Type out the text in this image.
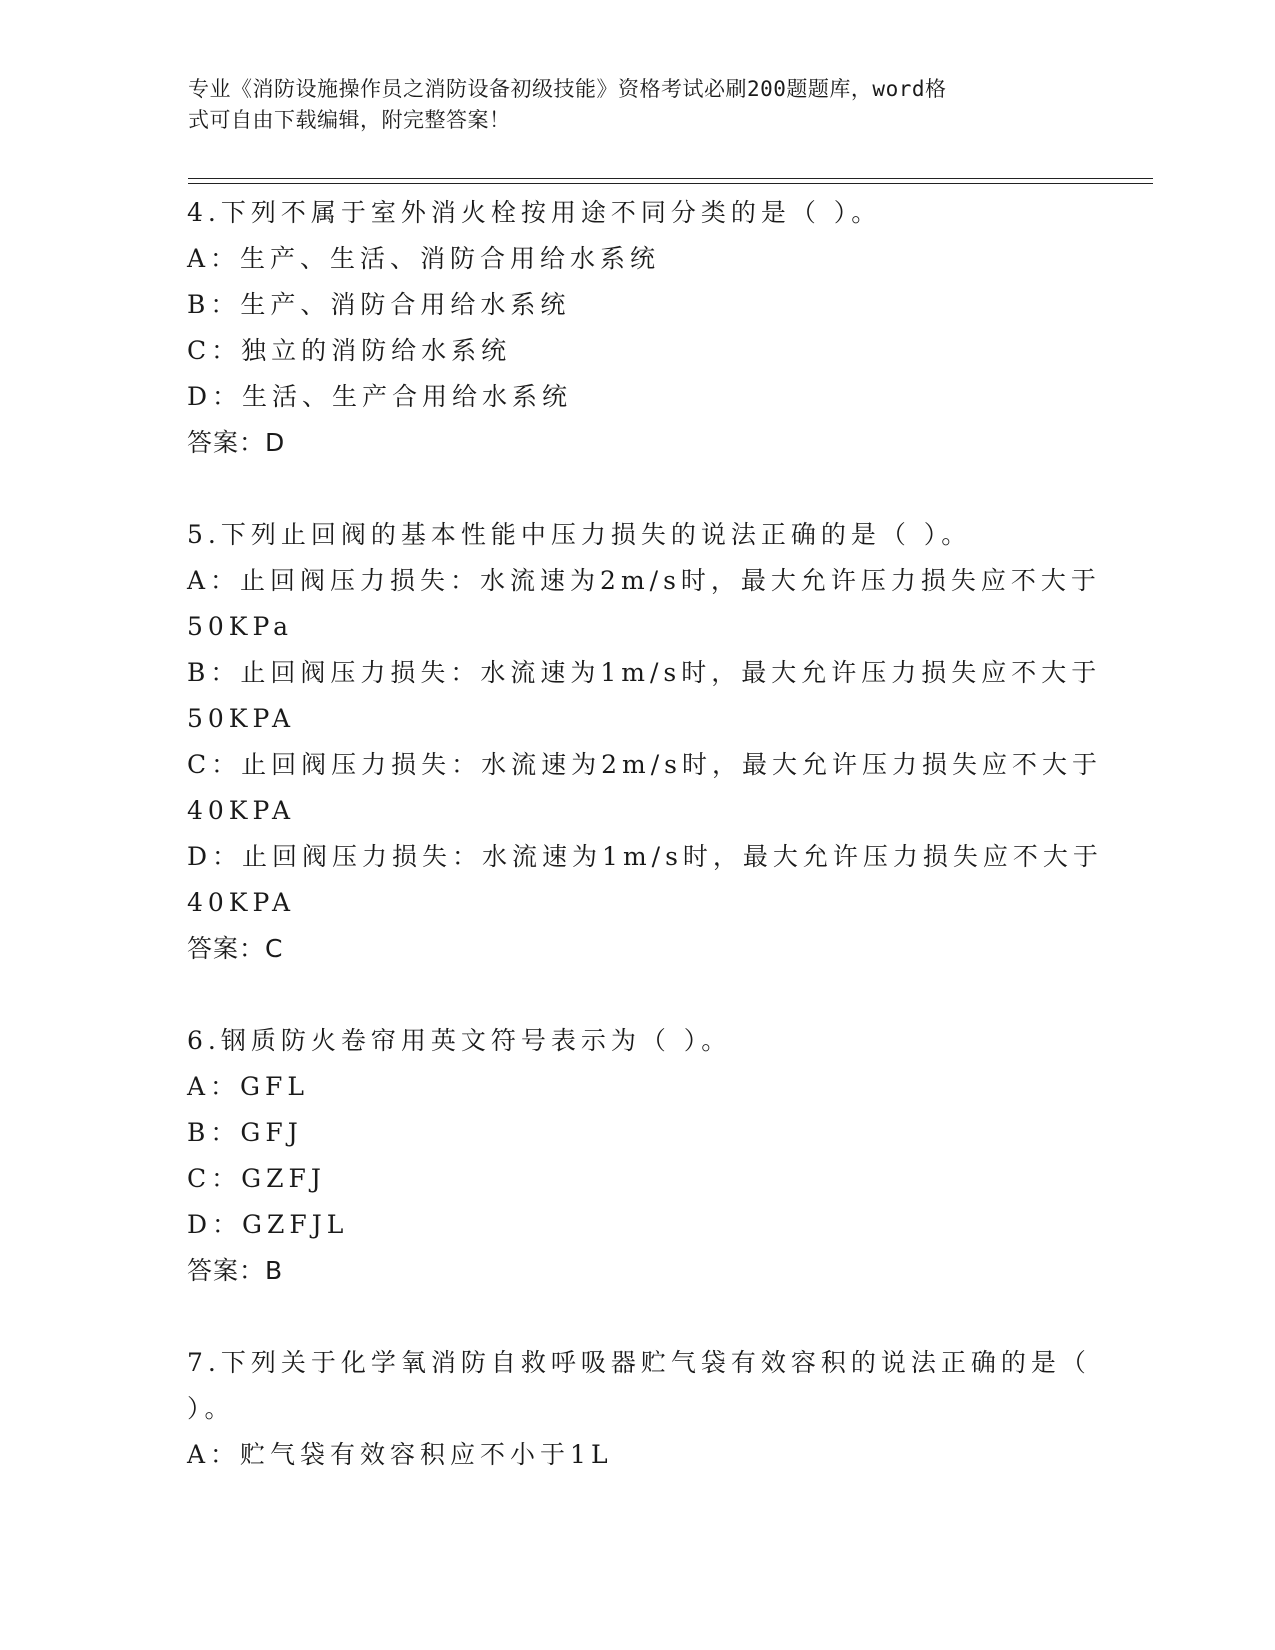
专业《消防设施操作员之消防设备初级技能》资格考试必刷200题题库，word格
式可自由下载编辑，附完整答案！
4.下列不属于室外消火栓按用途不同分类的是（ ）。
A：生产、生活、消防合用给水系统
B：生产、消防合用给水系统
C：独立的消防给水系统
D：生活、生产合用给水系统
答案：D
5.下列止回阀的基本性能中压力损失的说法正确的是（ ）。
A：止回阀压力损失：水流速为2m/s时，最大允许压力损失应不大于
50KPa
B：止回阀压力损失：水流速为1m/s时，最大允许压力损失应不大于
50KPA
C：止回阀压力损失：水流速为2m/s时，最大允许压力损失应不大于
40KPA
D：止回阀压力损失：水流速为1m/s时，最大允许压力损失应不大于
40KPA
答案：C
6.钢质防火卷帘用英文符号表示为（ ）。
A：GFL
B：GFJ
C：GZFJ
D：GZFJL
答案：B
7.下列关于化学氧消防自救呼吸器贮气袋有效容积的说法正确的是（
）。
A：贮气袋有效容积应不小于1L
